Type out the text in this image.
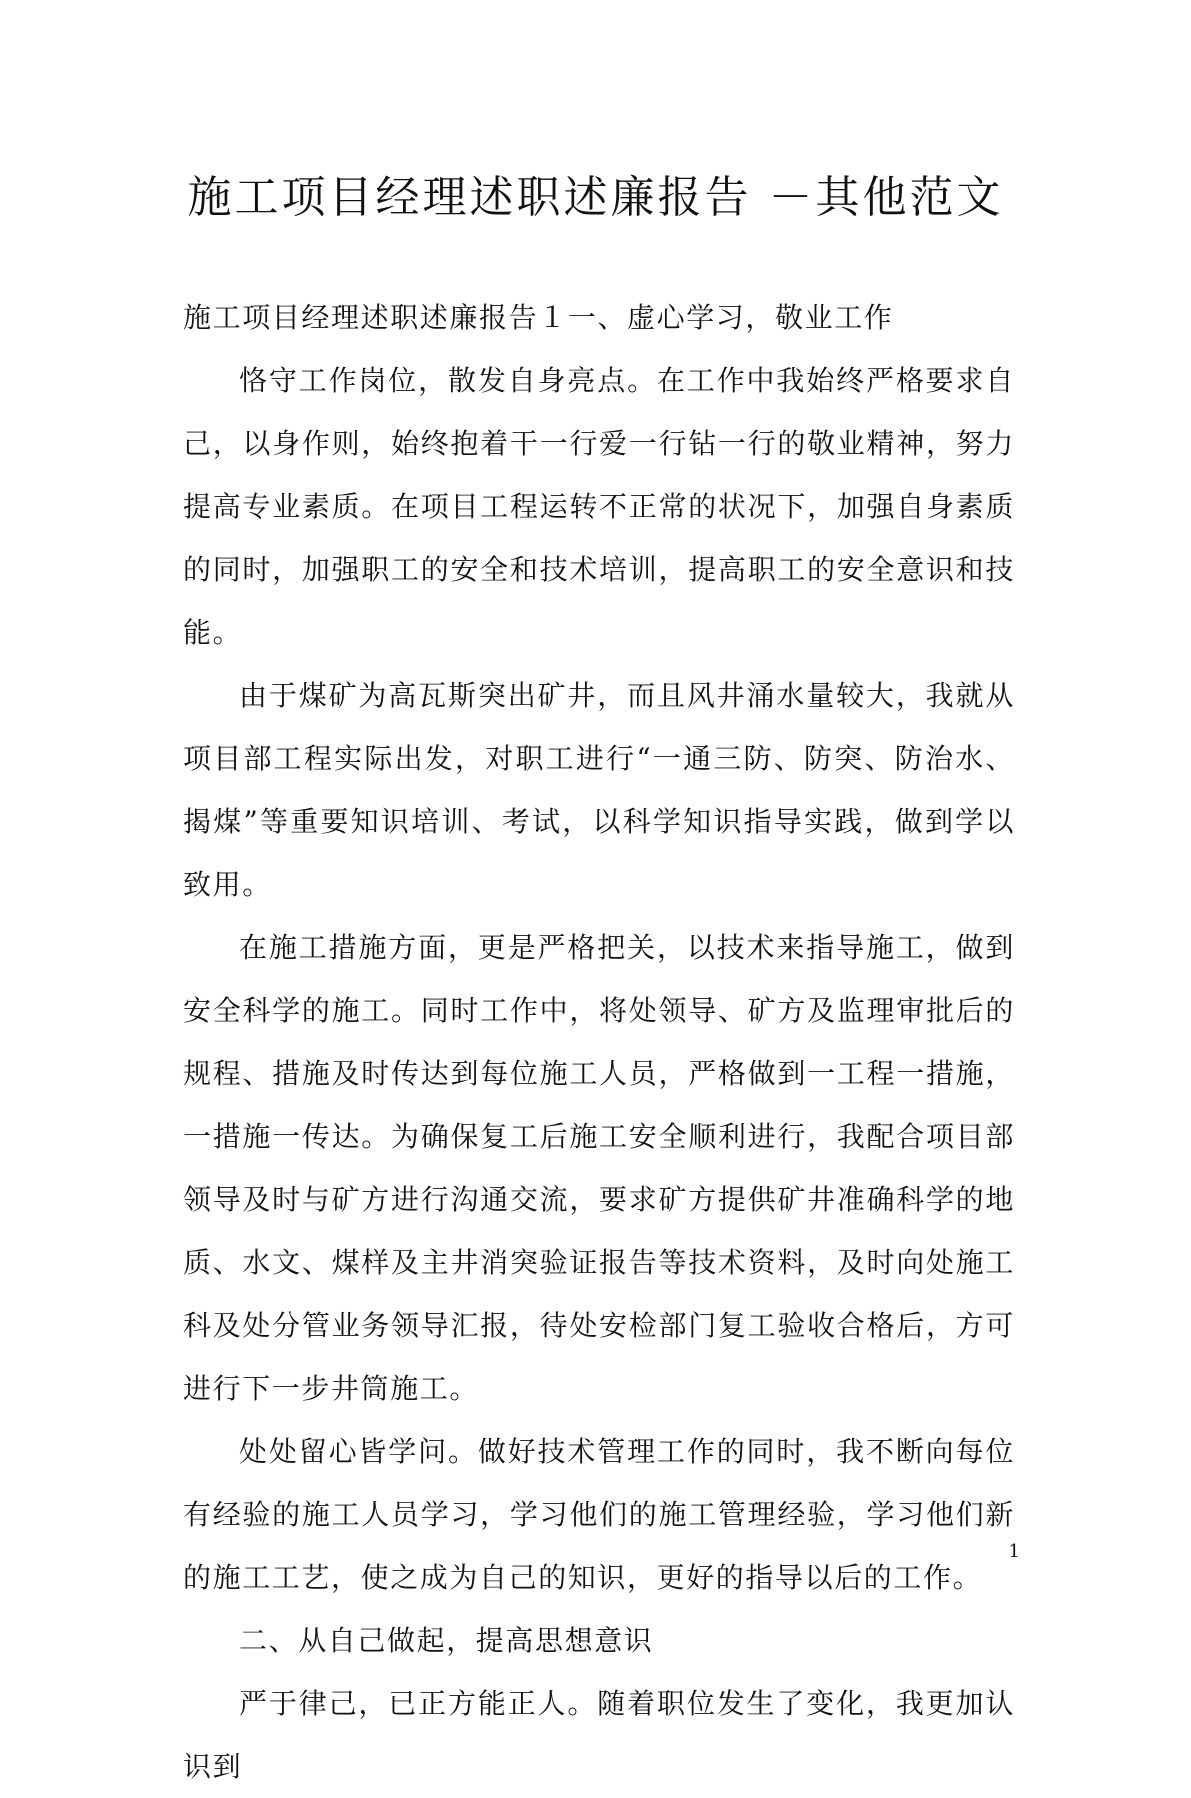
施工项目经理述职述廉报告 －其他范文

施工项目经理述职述廉报告１一、虚心学习，敬业工作

恪守工作岗位，散发自身亮点。在工作中我始终严格要求自己，以身作则，始终抱着干一行爱一行钻一行的敬业精神，努力提高专业素质。在项目工程运转不正常的状况下，加强自身素质的同时，加强职工的安全和技术培训，提高职工的安全意识和技能。

由于煤矿为高瓦斯突出矿井，而且风井涌水量较大，我就从项目部工程实际出发，对职工进行“一通三防、防突、防治水、揭煤”等重要知识培训、考试，以科学知识指导实践，做到学以致用。

在施工措施方面，更是严格把关，以技术来指导施工，做到安全科学的施工。同时工作中，将处领导、矿方及监理审批后的规程、措施及时传达到每位施工人员，严格做到一工程一措施，一措施一传达。为确保复工后施工安全顺利进行，我配合项目部领导及时与矿方进行沟通交流，要求矿方提供矿井准确科学的地质、水文、煤样及主井消突验证报告等技术资料，及时向处施工科及处分管业务领导汇报，待处安检部门复工验收合格后，方可进行下一步井筒施工。

处处留心皆学问。做好技术管理工作的同时，我不断向每位有经验的施工人员学习，学习他们的施工管理经验，学习他们新的施工工艺，使之成为自己的知识，更好的指导以后的工作。

二、从自己做起，提高思想意识

严于律己，已正方能正人。随着职位发生了变化，我更加认识到

1
